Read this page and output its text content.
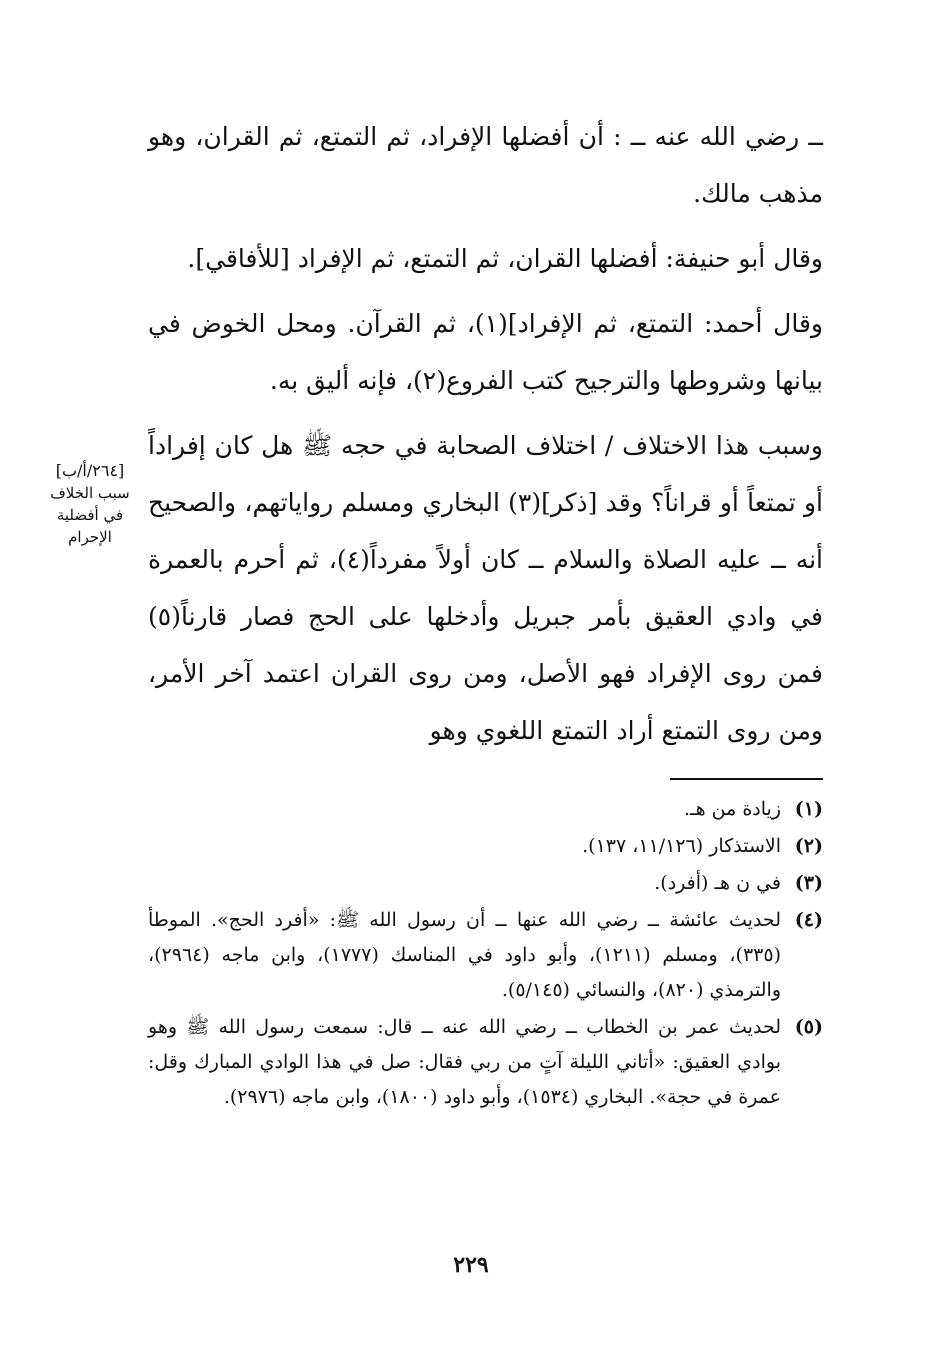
ــ رضي الله عنه ــ : أن أفضلها الإفراد، ثم التمتع، ثم القران، وهو مذهب مالك.

وقال أبو حنيفة: أفضلها القران، ثم التمتع، ثم الإفراد [للأفاقي].

وقال أحمد: التمتع، ثم الإفراد](١)، ثم القرآن. ومحل الخوض في بيانها وشروطها والترجيح كتب الفروع(٢)، فإنه أليق به.

وسبب هذا الاختلاف / اختلاف الصحابة في حجه ﷺ هل كان إفراداً أو تمتعاً أو قراناً؟ وقد [ذكر](٣) البخاري ومسلم رواياتهم، والصحيح أنه ــ عليه الصلاة والسلام ــ كان أولاً مفرداً(٤)، ثم أحرم بالعمرة في وادي العقيق بأمر جبريل وأدخلها على الحج فصار قارناً(٥) فمن روى الإفراد فهو الأصل، ومن روى القران اعتمد آخر الأمر، ومن روى التمتع أراد التمتع اللغوي وهو

[٢٦٤/أ/ب]
سبب الخلاف في أفضلية الإحرام
(١)
زيادة من هـ.
(٢)
الاستذكار (١١/١٢٦، ١٣٧).
(٣)
في ن هـ (أفرد).
(٤)
لحديث عائشة ــ رضي الله عنها ــ أن رسول الله ﷺ: «أفرد الحج». الموطأ (٣٣٥)، ومسلم (١٢١١)، وأبو داود في المناسك (١٧٧٧)، وابن ماجه (٢٩٦٤)، والترمذي (٨٢٠)، والنسائي (٥/١٤٥).
(٥)
لحديث عمر بن الخطاب ــ رضي الله عنه ــ قال: سمعت رسول الله ﷺ وهو بوادي العقيق: «أتاني الليلة آتٍ من ربي فقال: صل في هذا الوادي المبارك وقل: عمرة في حجة». البخاري (١٥٣٤)، وأبو داود (١٨٠٠)، وابن ماجه (٢٩٧٦).
٢٢٩
